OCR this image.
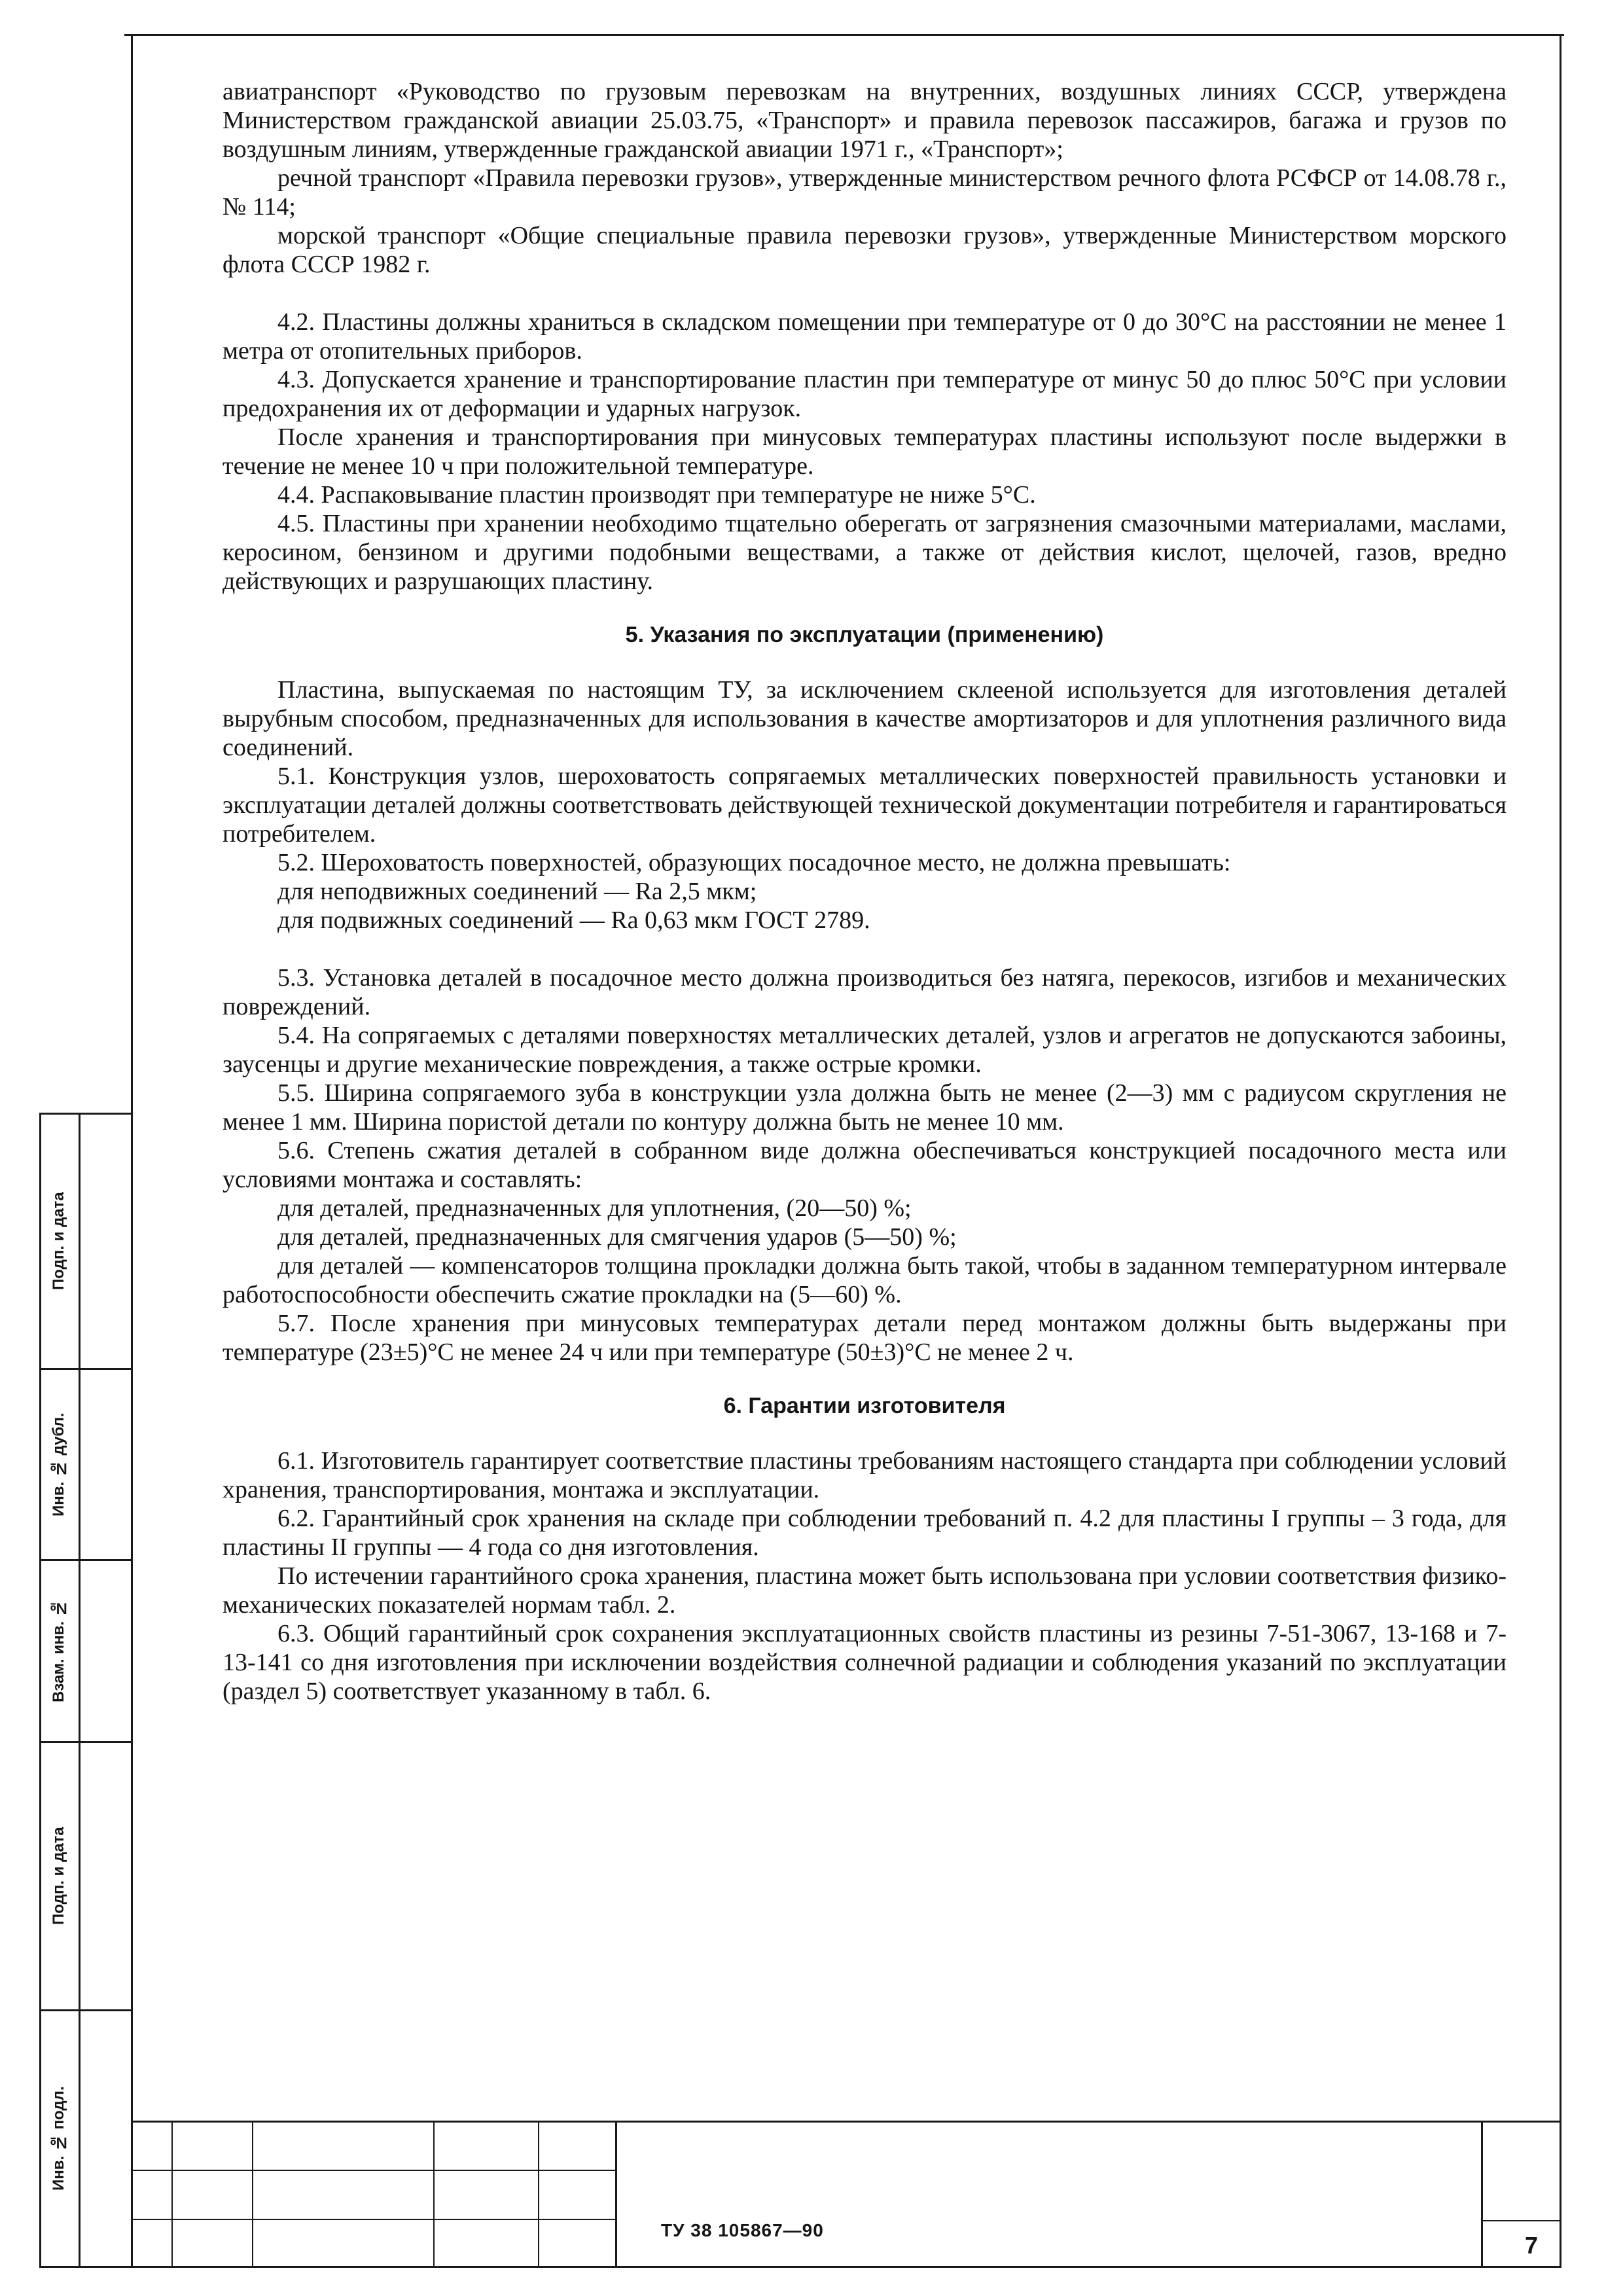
Подп. и дата
Инв. № дубл.
Взам. инв. №
Подп. и дата
Инв. № подл.

авиатранспорт «Руководство по грузовым перевозкам на внутренних, воздушных линиях СССР, утверждена Министерством гражданской авиации 25.03.75, «Транспорт» и правила перевозок пассажиров, багажа и грузов по воздушным линиям, утвержденные гражданской авиации 1971 г., «Транспорт»;

речной транспорт «Правила перевозки грузов», утвержденные министерством речного флота РСФСР от 14.08.78 г., № 114;

морской транспорт «Общие специальные правила перевозки грузов», утвержденные Министерством морского флота СССР 1982 г.

4.2. Пластины должны храниться в складском помещении при температуре от 0 до 30°С на расстоянии не менее 1 метра от отопительных приборов.

4.3. Допускается хранение и транспортирование пластин при температуре от минус 50 до плюс 50°С при условии предохранения их от деформации и ударных нагрузок.

После хранения и транспортирования при минусовых температурах пластины используют после выдержки в течение не менее 10 ч при положительной температуре.

4.4. Распаковывание пластин производят при температуре не ниже 5°С.

4.5. Пластины при хранении необходимо тщательно оберегать от загрязнения смазочными материалами, маслами, керосином, бензином и другими подобными веществами, а также от действия кислот, щелочей, газов, вредно действующих и разрушающих пластину.

5. Указания по эксплуатации (применению)

Пластина, выпускаемая по настоящим ТУ, за исключением склееной используется для изготовления деталей вырубным способом, предназначенных для использования в качестве амортизаторов и для уплотнения различного вида соединений.

5.1. Конструкция узлов, шероховатость сопрягаемых металлических поверхностей правильность установки и эксплуатации деталей должны соответствовать действующей технической документации потребителя и гарантироваться потребителем.

5.2. Шероховатость поверхностей, образующих посадочное место, не должна превышать:

для неподвижных соединений — Ra 2,5 мкм;

для подвижных соединений — Ra 0,63 мкм ГОСТ 2789.

5.3. Установка деталей в посадочное место должна производиться без натяга, перекосов, изгибов и механических повреждений.

5.4. На сопрягаемых с деталями поверхностях металлических деталей, узлов и агрегатов не допускаются забоины, заусенцы и другие механические повреждения, а также острые кромки.

5.5. Ширина сопрягаемого зуба в конструкции узла должна быть не менее (2—3) мм с радиусом скругления не менее 1 мм. Ширина пористой детали по контуру должна быть не менее 10 мм.

5.6. Степень сжатия деталей в собранном виде должна обеспечиваться конструкцией посадочного места или условиями монтажа и составлять:

для деталей, предназначенных для уплотнения, (20—50) %;

для деталей, предназначенных для смягчения ударов (5—50) %;

для деталей — компенсаторов толщина прокладки должна быть такой, чтобы в заданном температурном интервале работоспособности обеспечить сжатие прокладки на (5—60) %.

5.7. После хранения при минусовых температурах детали перед монтажом должны быть выдержаны при температуре (23±5)°С не менее 24 ч или при температуре (50±3)°С не менее 2 ч.

6. Гарантии изготовителя

6.1. Изготовитель гарантирует соответствие пластины требованиям настоящего стандарта при соблюдении условий хранения, транспортирования, монтажа и эксплуатации.

6.2. Гарантийный срок хранения на складе при соблюдении требований п. 4.2 для пластины I группы – 3 года, для пластины II группы — 4 года со дня изготовления.

По истечении гарантийного срока хранения, пластина может быть использована при условии соответствия физико-механических показателей нормам табл. 2.

6.3. Общий гарантийный срок сохранения эксплуатационных свойств пластины из резины 7-51-3067, 13-168 и 7-13-141 со дня изготовления при исключении воздействия солнечной радиации и соблюдения указаний по эксплуатации (раздел 5) соответствует указанному в табл. 6.

ТУ 38 105867—90
7
